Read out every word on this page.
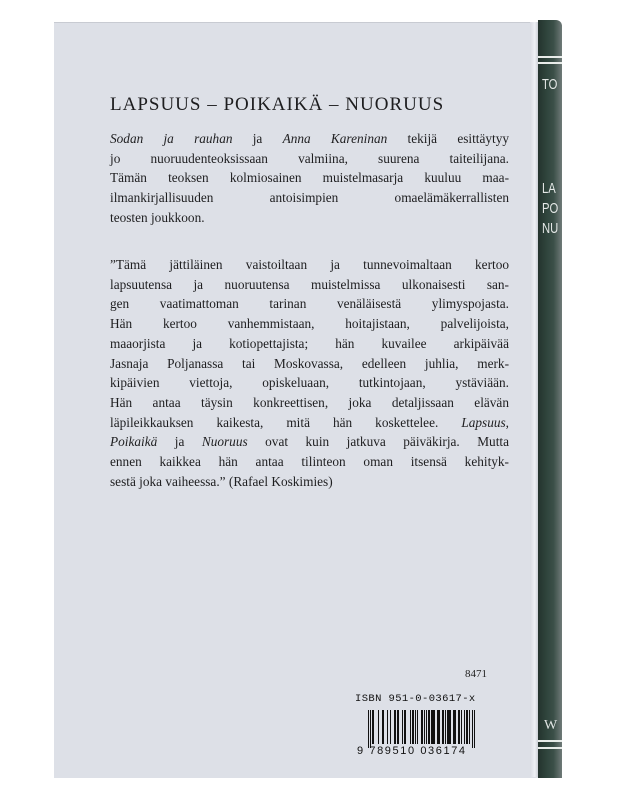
TO
LA
PO
NU
W
LAPSUUS – POIKAIKÄ – NUORUUS
Sodan ja rauhan ja Anna Kareninan tekijä esittäytyy
jo nuoruudenteoksissaan valmiina, suurena taiteilijana.
Tämän teoksen kolmiosainen muistelmasarja kuuluu maa-
ilmankirjallisuuden antoisimpien omaelämäkerrallisten
teosten joukkoon.
”Tämä jättiläinen vaistoiltaan ja tunnevoimaltaan kertoo
lapsuutensa ja nuoruutensa muistelmissa ulkonaisesti san-
gen vaatimattoman tarinan venäläisestä ylimyspojasta.
Hän kertoo vanhemmistaan, hoitajistaan, palvelijoista,
maaorjista ja kotiopettajista; hän kuvailee arkipäivää
Jasnaja Poljanassa tai Moskovassa, edelleen juhlia, merk-
kipäivien viettoja, opiskeluaan, tutkintojaan, ystäviään.
Hän antaa täysin konkreettisen, joka detaljissaan elävän
läpileikkauksen kaikesta, mitä hän koskettelee. Lapsuus,
Poikaikä ja Nuoruus ovat kuin jatkuva päiväkirja. Mutta
ennen kaikkea hän antaa tilinteon oman itsensä kehityk-
sestä joka vaiheessa.” (Rafael Koskimies)
8471
ISBN 951-0-03617-x
9 789510 036174
